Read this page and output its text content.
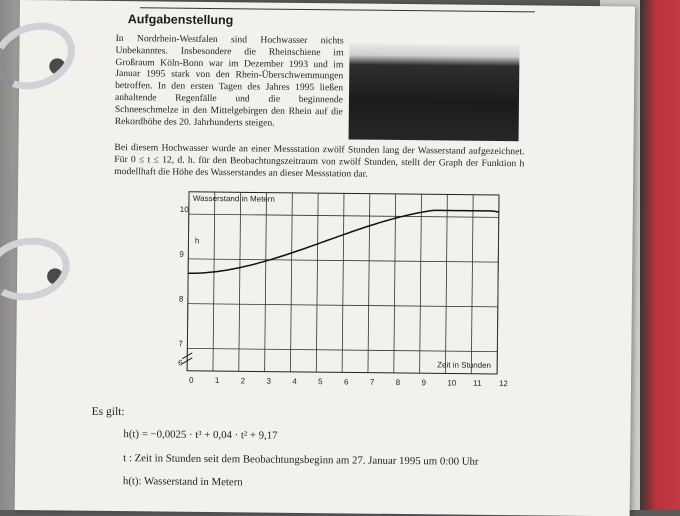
Aufgabenstellung
In Nordrhein-Westfalen sind Hochwasser nichts Unbekanntes. Insbesondere die Rheinschiene im Großraum Köln-Bonn war im Dezember 1993 und im Januar 1995 stark von den Rhein-Überschwemmungen betroffen. In den ersten Tagen des Jahres 1995 ließen anhaltende Regenfälle und die beginnende Schneeschmelze in den Mittelgebirgen den Rhein auf die Rekordhöhe des 20. Jahrhunderts steigen.
Bei diesem Hochwasser wurde an einer Messstation zwölf Stunden lang der Wasserstand aufgezeichnet. Für 0 ≤ t ≤ 12, d. h. für den Beobachtungszeitraum von zwölf Stunden, stellt der Graph der Funktion h modellhaft die Höhe des Wasserstandes an dieser Messstation dar.
0	1	2	3	4	5	6	7	8	9	10 11 12
6
7
8
9
10
Wasserstand in Metern
Zeit in Stunden
h
Es gilt:
h(t) = −0,0025 · t³ + 0,04 · t² + 9,17
t : Zeit in Stunden seit dem Beobachtungsbeginn am 27. Januar 1995 um 0:00 Uhr
h(t): Wasserstand in Metern
